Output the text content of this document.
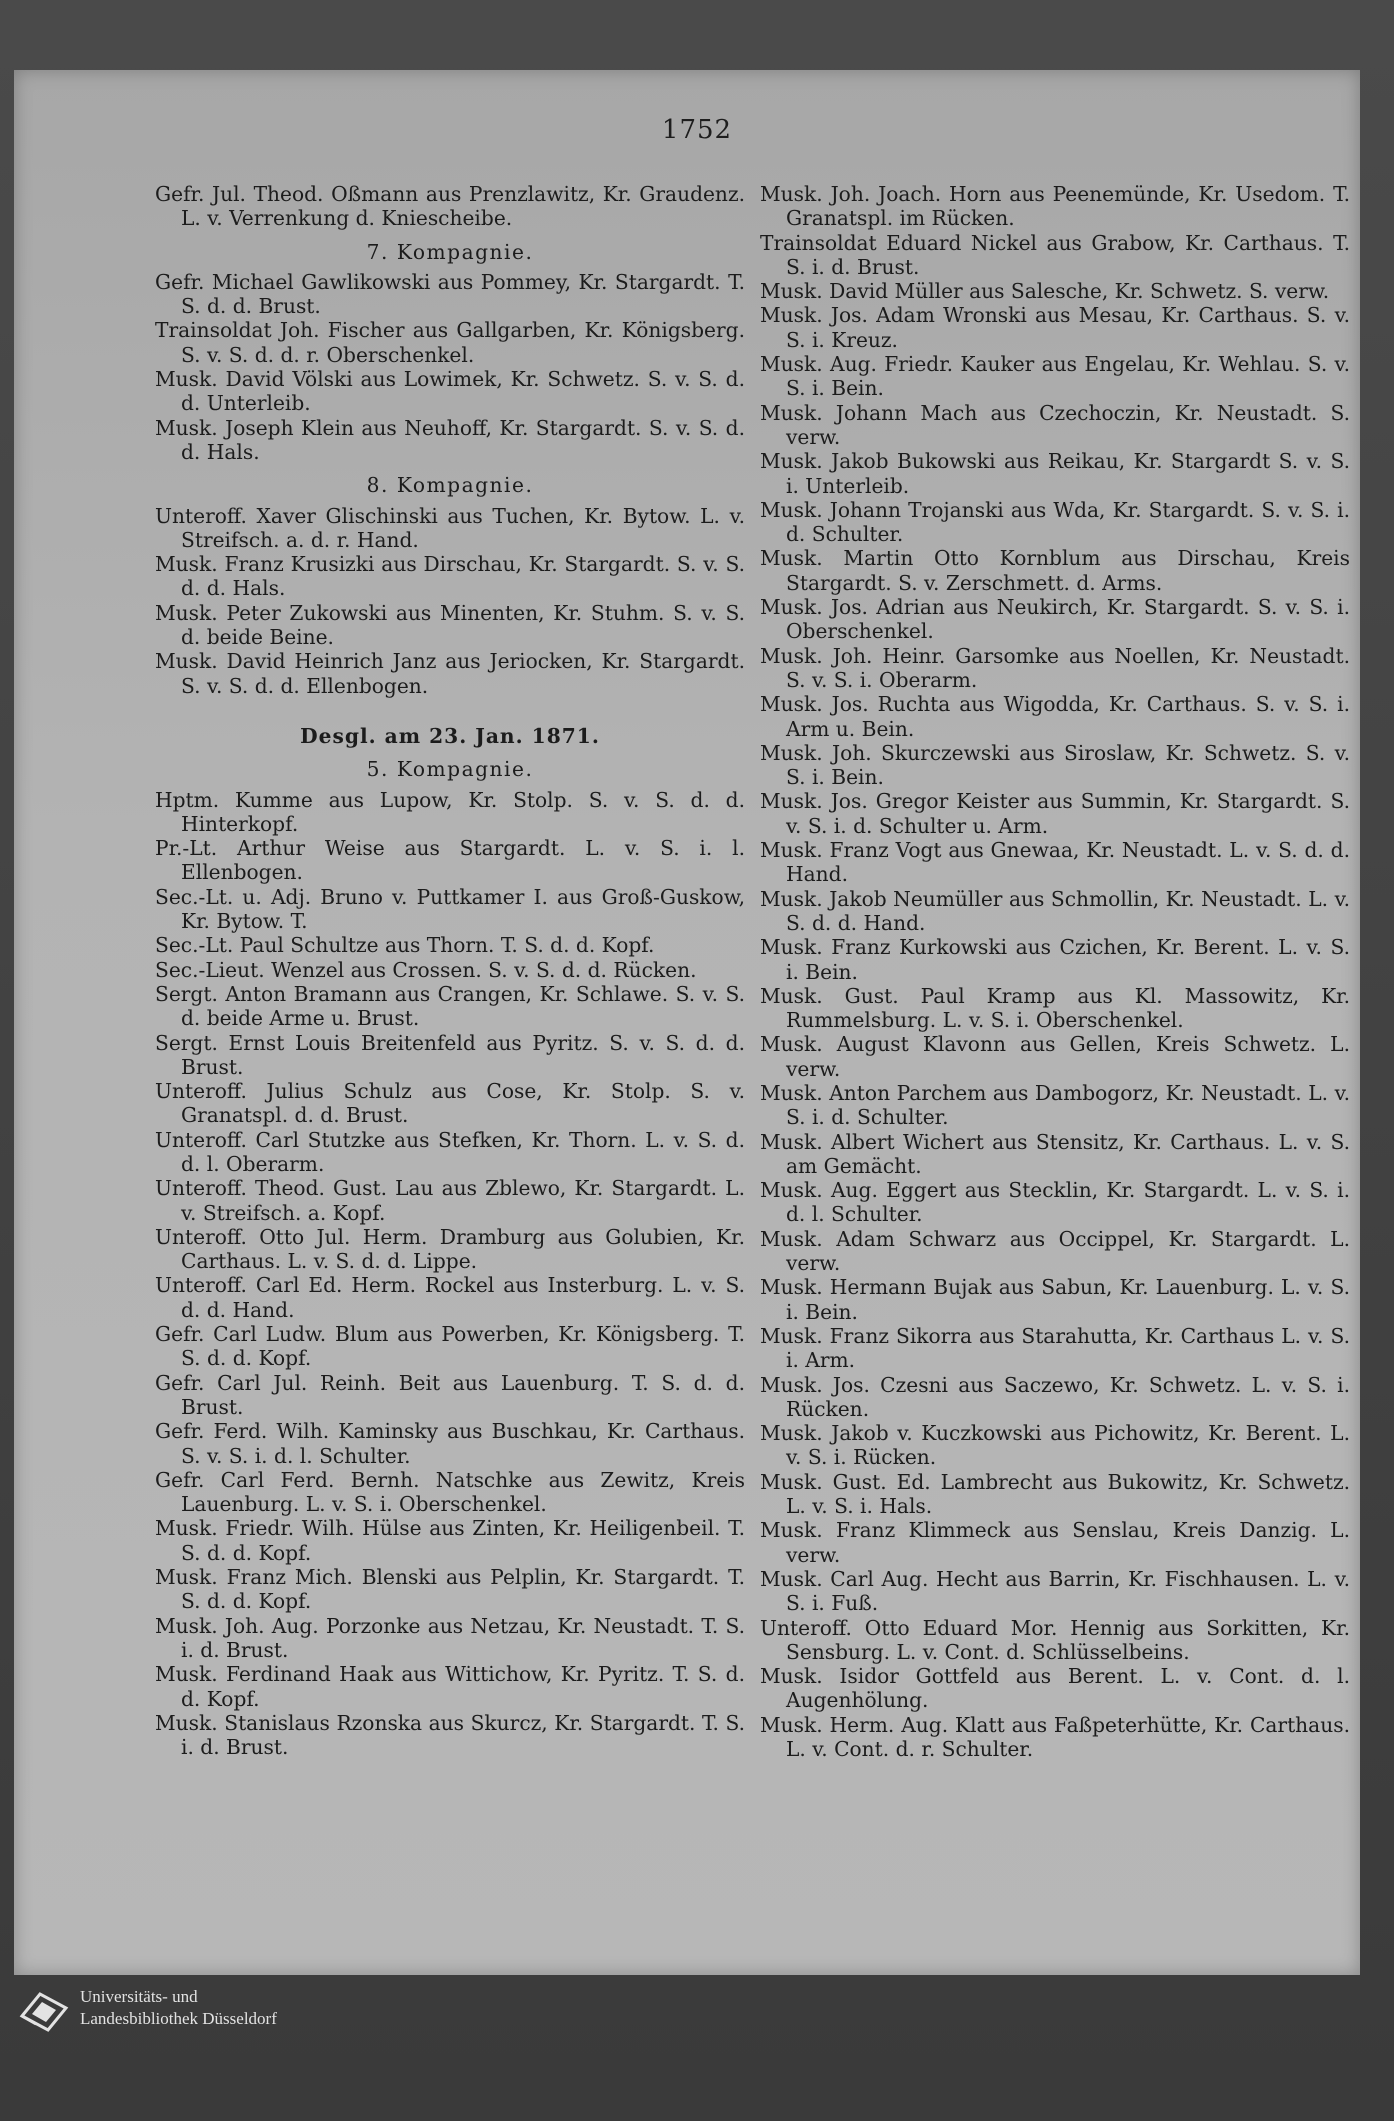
1752

Gefr. Jul. Theod. Oßmann aus Prenzlawitz, Kr. Graudenz. L. v. Verrenkung d. Kniescheibe.

7. Kompagnie.

Gefr. Michael Gawlikowski aus Pommey, Kr. Stargardt. T. S. d. d. Brust.

Trainsoldat Joh. Fischer aus Gallgarben, Kr. Königsberg. S. v. S. d. d. r. Oberschenkel.

Musk. David Völski aus Lowimek, Kr. Schwetz. S. v. S. d. d. Unterleib.

Musk. Joseph Klein aus Neuhoff, Kr. Stargardt. S. v. S. d. d. Hals.

8. Kompagnie.

Unteroff. Xaver Glischinski aus Tuchen, Kr. Bytow. L. v. Streifsch. a. d. r. Hand.

Musk. Franz Krusizki aus Dirschau, Kr. Stargardt. S. v. S. d. d. Hals.

Musk. Peter Zukowski aus Minenten, Kr. Stuhm. S. v. S. d. beide Beine.

Musk. David Heinrich Janz aus Jeriocken, Kr. Stargardt. S. v. S. d. d. Ellenbogen.

Desgl. am 23. Jan. 1871.

5. Kompagnie.

Hptm. Kumme aus Lupow, Kr. Stolp. S. v. S. d. d. Hinterkopf.

Pr.-Lt. Arthur Weise aus Stargardt. L. v. S. i. l. Ellenbogen.

Sec.-Lt. u. Adj. Bruno v. Puttkamer I. aus Groß-Guskow, Kr. Bytow. T.

Sec.-Lt. Paul Schultze aus Thorn. T. S. d. d. Kopf.

Sec.-Lieut. Wenzel aus Crossen. S. v. S. d. d. Rücken.

Sergt. Anton Bramann aus Crangen, Kr. Schlawe. S. v. S. d. beide Arme u. Brust.

Sergt. Ernst Louis Breitenfeld aus Pyritz. S. v. S. d. d. Brust.

Unteroff. Julius Schulz aus Cose, Kr. Stolp. S. v. Granatspl. d. d. Brust.

Unteroff. Carl Stutzke aus Stefken, Kr. Thorn. L. v. S. d. d. l. Oberarm.

Unteroff. Theod. Gust. Lau aus Zblewo, Kr. Stargardt. L. v. Streifsch. a. Kopf.

Unteroff. Otto Jul. Herm. Dramburg aus Golubien, Kr. Carthaus. L. v. S. d. d. Lippe.

Unteroff. Carl Ed. Herm. Rockel aus Insterburg. L. v. S. d. d. Hand.

Gefr. Carl Ludw. Blum aus Powerben, Kr. Königsberg. T. S. d. d. Kopf.

Gefr. Carl Jul. Reinh. Beit aus Lauenburg. T. S. d. d. Brust.

Gefr. Ferd. Wilh. Kaminsky aus Buschkau, Kr. Carthaus. S. v. S. i. d. l. Schulter.

Gefr. Carl Ferd. Bernh. Natschke aus Zewitz, Kreis Lauenburg. L. v. S. i. Oberschenkel.

Musk. Friedr. Wilh. Hülse aus Zinten, Kr. Heiligenbeil. T. S. d. d. Kopf.

Musk. Franz Mich. Blenski aus Pelplin, Kr. Stargardt. T. S. d. d. Kopf.

Musk. Joh. Aug. Porzonke aus Netzau, Kr. Neustadt. T. S. i. d. Brust.

Musk. Ferdinand Haak aus Wittichow, Kr. Pyritz. T. S. d. d. Kopf.

Musk. Stanislaus Rzonska aus Skurcz, Kr. Stargardt. T. S. i. d. Brust.

Musk. Joh. Joach. Horn aus Peenemünde, Kr. Usedom. T. Granatspl. im Rücken.

Trainsoldat Eduard Nickel aus Grabow, Kr. Carthaus. T. S. i. d. Brust.

Musk. David Müller aus Salesche, Kr. Schwetz. S. verw.

Musk. Jos. Adam Wronski aus Mesau, Kr. Carthaus. S. v. S. i. Kreuz.

Musk. Aug. Friedr. Kauker aus Engelau, Kr. Wehlau. S. v. S. i. Bein.

Musk. Johann Mach aus Czechoczin, Kr. Neustadt. S. verw.

Musk. Jakob Bukowski aus Reikau, Kr. Stargardt S. v. S. i. Unterleib.

Musk. Johann Trojanski aus Wda, Kr. Stargardt. S. v. S. i. d. Schulter.

Musk. Martin Otto Kornblum aus Dirschau, Kreis Stargardt. S. v. Zerschmett. d. Arms.

Musk. Jos. Adrian aus Neukirch, Kr. Stargardt. S. v. S. i. Oberschenkel.

Musk. Joh. Heinr. Garsomke aus Noellen, Kr. Neustadt. S. v. S. i. Oberarm.

Musk. Jos. Ruchta aus Wigodda, Kr. Carthaus. S. v. S. i. Arm u. Bein.

Musk. Joh. Skurczewski aus Siroslaw, Kr. Schwetz. S. v. S. i. Bein.

Musk. Jos. Gregor Keister aus Summin, Kr. Stargardt. S. v. S. i. d. Schulter u. Arm.

Musk. Franz Vogt aus Gnewaa, Kr. Neustadt. L. v. S. d. d. Hand.

Musk. Jakob Neumüller aus Schmollin, Kr. Neustadt. L. v. S. d. d. Hand.

Musk. Franz Kurkowski aus Czichen, Kr. Berent. L. v. S. i. Bein.

Musk. Gust. Paul Kramp aus Kl. Massowitz, Kr. Rummelsburg. L. v. S. i. Oberschenkel.

Musk. August Klavonn aus Gellen, Kreis Schwetz. L. verw.

Musk. Anton Parchem aus Dambogorz, Kr. Neustadt. L. v. S. i. d. Schulter.

Musk. Albert Wichert aus Stensitz, Kr. Carthaus. L. v. S. am Gemächt.

Musk. Aug. Eggert aus Stecklin, Kr. Stargardt. L. v. S. i. d. l. Schulter.

Musk. Adam Schwarz aus Occippel, Kr. Stargardt. L. verw.

Musk. Hermann Bujak aus Sabun, Kr. Lauenburg. L. v. S. i. Bein.

Musk. Franz Sikorra aus Starahutta, Kr. Carthaus L. v. S. i. Arm.

Musk. Jos. Czesni aus Saczewo, Kr. Schwetz. L. v. S. i. Rücken.

Musk. Jakob v. Kuczkowski aus Pichowitz, Kr. Berent. L. v. S. i. Rücken.

Musk. Gust. Ed. Lambrecht aus Bukowitz, Kr. Schwetz. L. v. S. i. Hals.

Musk. Franz Klimmeck aus Senslau, Kreis Danzig. L. verw.

Musk. Carl Aug. Hecht aus Barrin, Kr. Fischhausen. L. v. S. i. Fuß.

Unteroff. Otto Eduard Mor. Hennig aus Sorkitten, Kr. Sensburg. L. v. Cont. d. Schlüsselbeins.

Musk. Isidor Gottfeld aus Berent. L. v. Cont. d. l. Augenhölung.

Musk. Herm. Aug. Klatt aus Faßpeterhütte, Kr. Carthaus. L. v. Cont. d. r. Schulter.

Universitäts- und
Landesbibliothek Düsseldorf
